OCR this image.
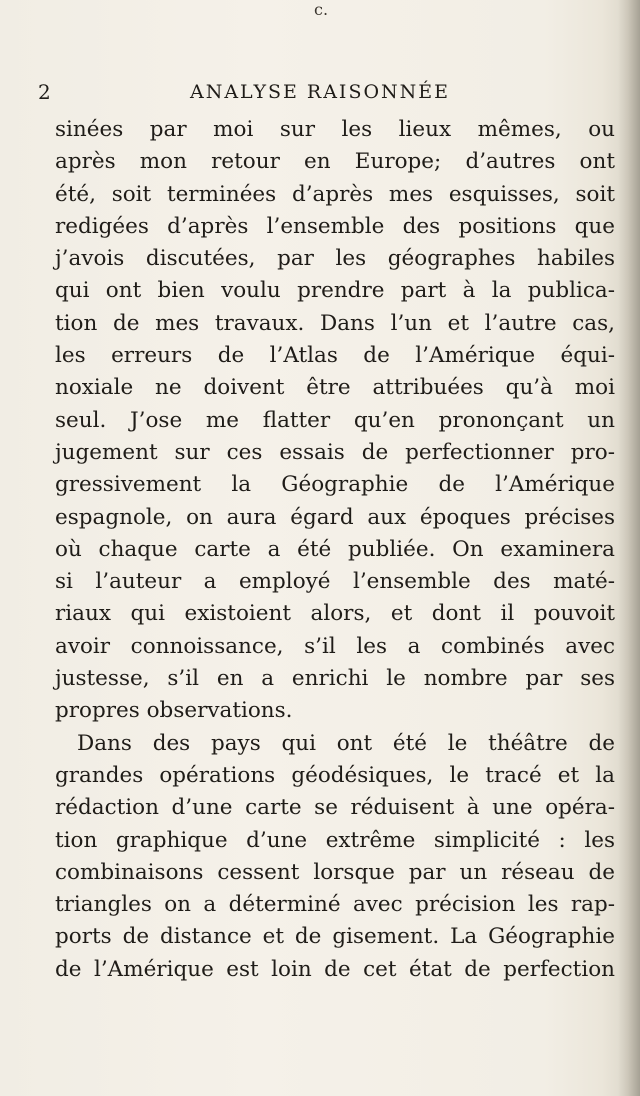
c.
2	ANALYSE RAISONNÉE
sinées par moi sur les lieux mêmes, ou
après mon retour en Europe; d’autres ont
été, soit terminées d’après mes esquisses, soit
redigées d’après l’ensemble des positions que
j’avois discutées, par les géographes habiles
qui ont bien voulu prendre part à la publica-
tion de mes travaux. Dans l’un et l’autre cas,
les erreurs de l’Atlas de l’Amérique équi-
noxiale ne doivent être attribuées qu’à moi
seul. J’ose me flatter qu’en prononçant un
jugement sur ces essais de perfectionner pro-
gressivement la Géographie de l’Amérique
espagnole, on aura égard aux époques précises
où chaque carte a été publiée. On examinera
si l’auteur a employé l’ensemble des maté-
riaux qui existoient alors, et dont il pouvoit
avoir connoissance, s’il les a combinés avec
justesse, s’il en a enrichi le nombre par ses
propres observations.
Dans des pays qui ont été le théâtre de
grandes opérations géodésiques, le tracé et la
rédaction d’une carte se réduisent à une opéra-
tion graphique d’une extrême simplicité : les
combinaisons cessent lorsque par un réseau de
triangles on a déterminé avec précision les rap-
ports de distance et de gisement. La Géographie
de l’Amérique est loin de cet état de perfection
